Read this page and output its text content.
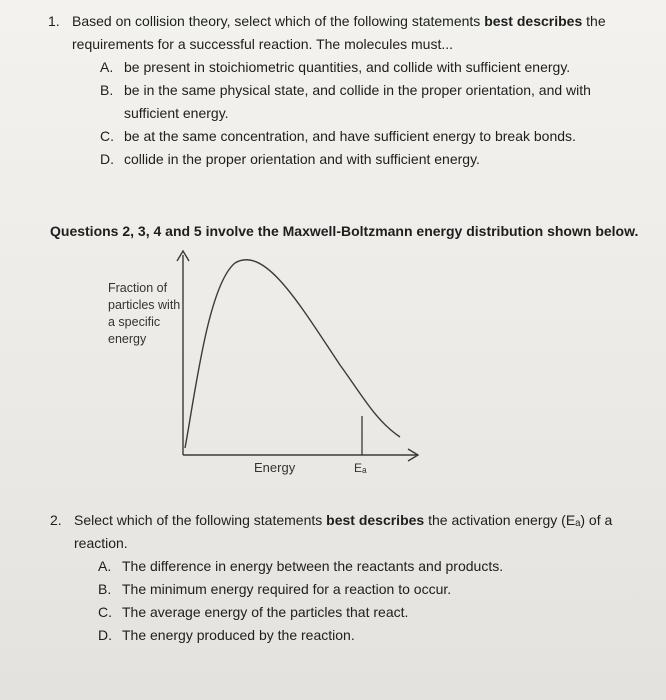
1. Based on collision theory, select which of the following statements best describes the requirements for a successful reaction. The molecules must...
A. be present in stoichiometric quantities, and collide with sufficient energy.
B. be in the same physical state, and collide in the proper orientation, and with sufficient energy.
C. be at the same concentration, and have sufficient energy to break bonds.
D. collide in the proper orientation and with sufficient energy.
Questions 2, 3, 4 and 5 involve the Maxwell-Boltzmann energy distribution shown below.
Fraction of particles with a specific energy
Energy	Eₐ
2. Select which of the following statements best describes the activation energy (Eₐ) of a reaction.
A. The difference in energy between the reactants and products.
B. The minimum energy required for a reaction to occur.
C. The average energy of the particles that react.
D. The energy produced by the reaction.
